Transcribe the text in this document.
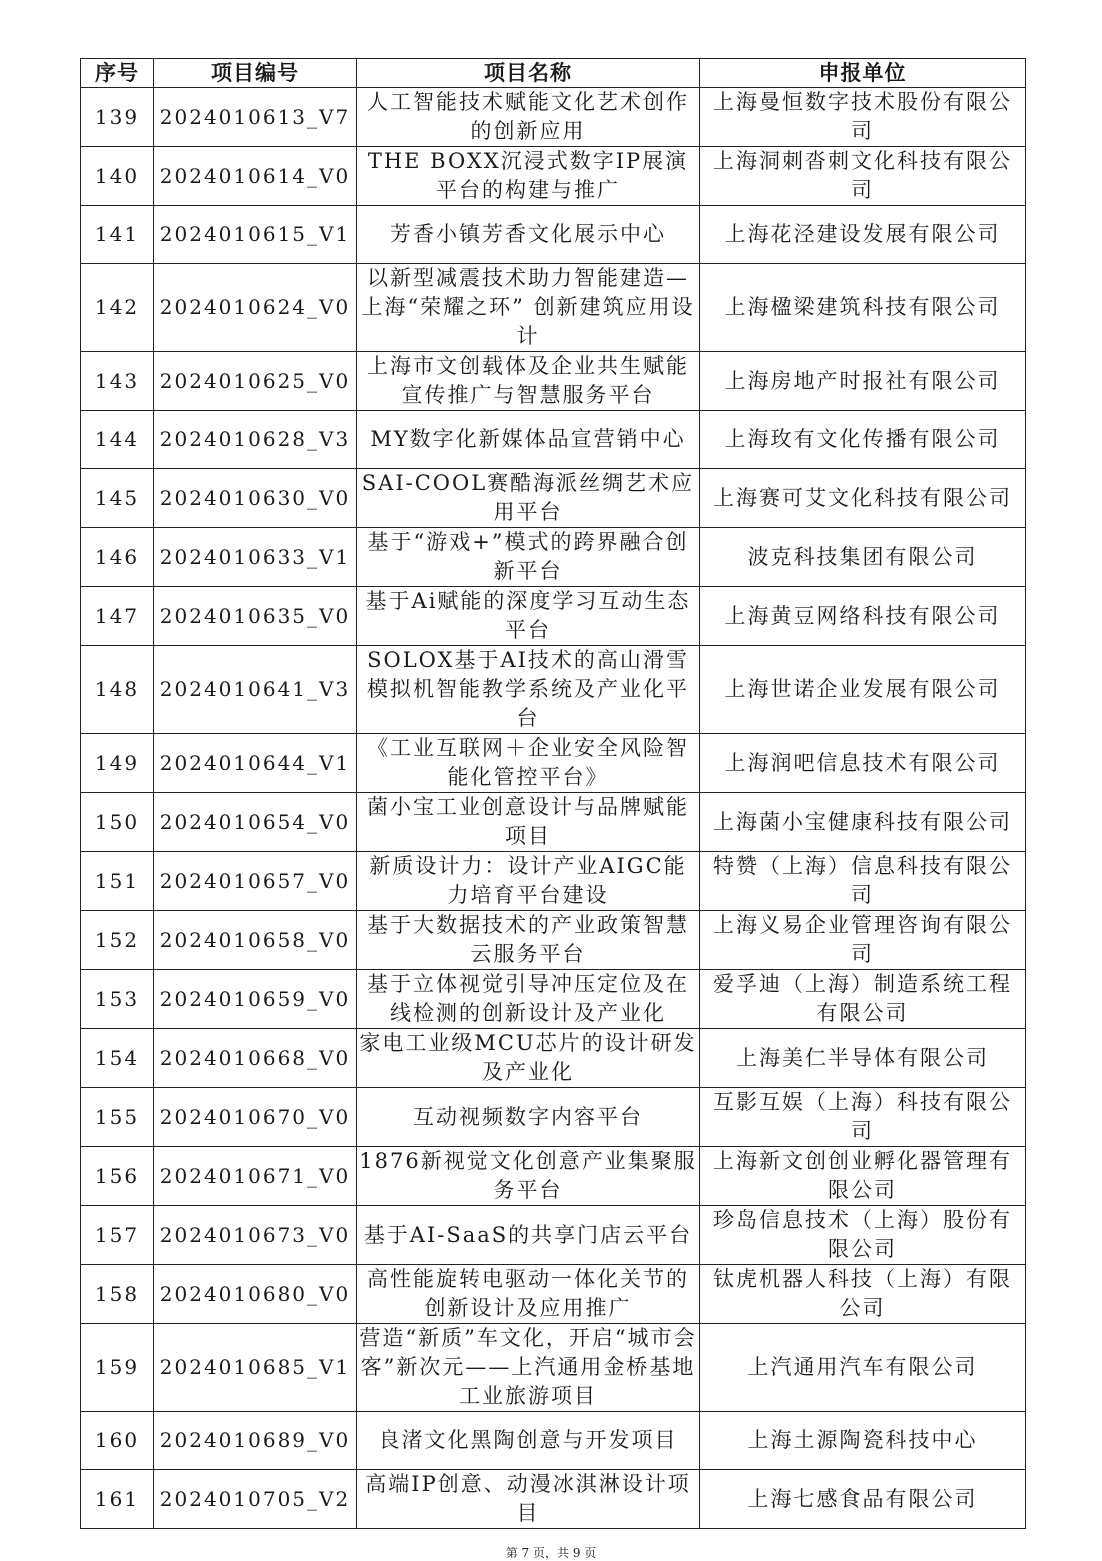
序号	项目编号	项目名称	申报单位
139	2024010613_V7	人工智能技术赋能文化艺术创作的创新应用	上海曼恒数字技术股份有限公司
140	2024010614_V0	THE BOXX沉浸式数字IP展演平台的构建与推广	上海洞刺沓刺文化科技有限公司
141	2024010615_V1	芳香小镇芳香文化展示中心	上海花泾建设发展有限公司
142	2024010624_V0	以新型减震技术助力智能建造—上海“荣耀之环” 创新建筑应用设计	上海楹梁建筑科技有限公司
143	2024010625_V0	上海市文创载体及企业共生赋能宣传推广与智慧服务平台	上海房地产时报社有限公司
144	2024010628_V3	MY数字化新媒体品宣营销中心	上海玫有文化传播有限公司
145	2024010630_V0	SAI-COOL赛酷海派丝绸艺术应用平台	上海赛可艾文化科技有限公司
146	2024010633_V1	基于“游戏+”模式的跨界融合创新平台	波克科技集团有限公司
147	2024010635_V0	基于Ai赋能的深度学习互动生态平台	上海黄豆网络科技有限公司
148	2024010641_V3	SOLOX基于AI技术的高山滑雪模拟机智能教学系统及产业化平台	上海世诺企业发展有限公司
149	2024010644_V1	《工业互联网＋企业安全风险智能化管控平台》	上海润吧信息技术有限公司
150	2024010654_V0	菌小宝工业创意设计与品牌赋能项目	上海菌小宝健康科技有限公司
151	2024010657_V0	新质设计力：设计产业AIGC能力培育平台建设	特赞（上海）信息科技有限公司
152	2024010658_V0	基于大数据技术的产业政策智慧云服务平台	上海义易企业管理咨询有限公司
153	2024010659_V0	基于立体视觉引导冲压定位及在线检测的创新设计及产业化	爱孚迪（上海）制造系统工程有限公司
154	2024010668_V0	家电工业级MCU芯片的设计研发及产业化	上海美仁半导体有限公司
155	2024010670_V0	互动视频数字内容平台	互影互娱（上海）科技有限公司
156	2024010671_V0	1876新视觉文化创意产业集聚服务平台	上海新文创创业孵化器管理有限公司
157	2024010673_V0	基于AI-SaaS的共享门店云平台	珍岛信息技术（上海）股份有限公司
158	2024010680_V0	高性能旋转电驱动一体化关节的创新设计及应用推广	钛虎机器人科技（上海）有限公司
159	2024010685_V1	营造“新质”车文化，开启“城市会客”新次元——上汽通用金桥基地工业旅游项目	上汽通用汽车有限公司
160	2024010689_V0	良渚文化黑陶创意与开发项目	上海土源陶瓷科技中心
161	2024010705_V2	高端IP创意、动漫冰淇淋设计项目	上海七感食品有限公司
第 7 页，共 9 页
